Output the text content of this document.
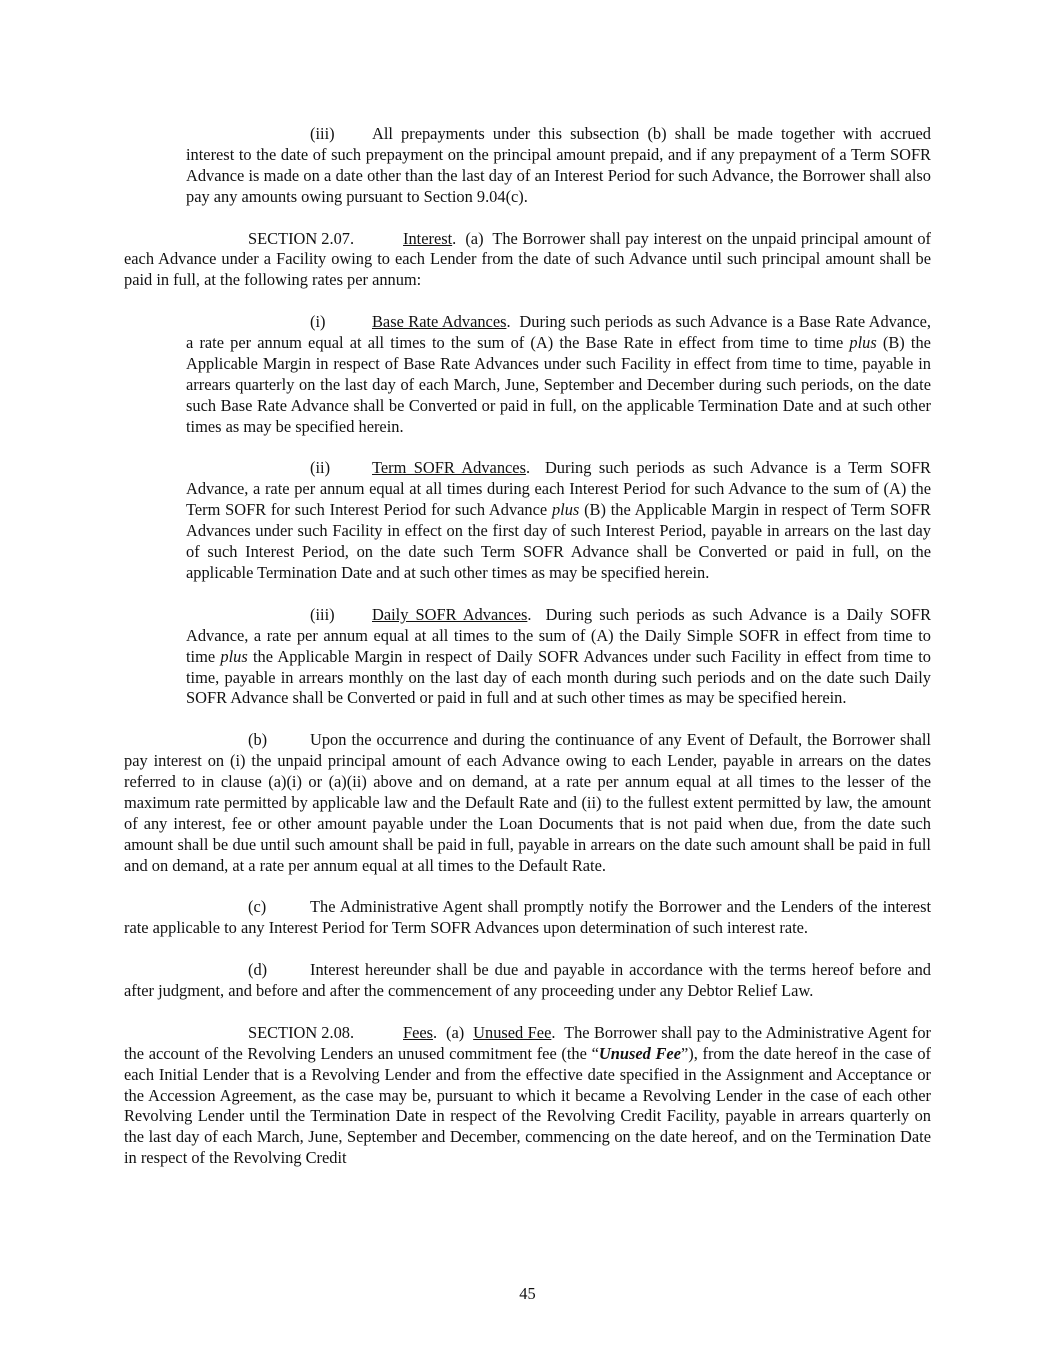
(iii) All prepayments under this subsection (b) shall be made together with accrued interest to the date of such prepayment on the principal amount prepaid, and if any prepayment of a Term SOFR Advance is made on a date other than the last day of an Interest Period for such Advance, the Borrower shall also pay any amounts owing pursuant to Section 9.04(c).

SECTION 2.07.	Interest.  (a) The Borrower shall pay interest on the unpaid principal amount of each Advance under a Facility owing to each Lender from the date of such Advance until such principal amount shall be paid in full, at the following rates per annum:

(i)	Base Rate Advances.  During such periods as such Advance is a Base Rate Advance, a rate per annum equal at all times to the sum of (A) the Base Rate in effect from time to time plus (B) the Applicable Margin in respect of Base Rate Advances under such Facility in effect from time to time, payable in arrears quarterly on the last day of each March, June, September and December during such periods, on the date such Base Rate Advance shall be Converted or paid in full, on the applicable Termination Date and at such other times as may be specified herein.

(ii)	Term SOFR Advances.  During such periods as such Advance is a Term SOFR Advance, a rate per annum equal at all times during each Interest Period for such Advance to the sum of (A) the Term SOFR for such Interest Period for such Advance plus (B) the Applicable Margin in respect of Term SOFR Advances under such Facility in effect on the first day of such Interest Period, payable in arrears on the last day of such Interest Period, on the date such Term SOFR Advance shall be Converted or paid in full, on the applicable Termination Date and at such other times as may be specified herein.

(iii) Daily SOFR Advances.  During such periods as such Advance is a Daily SOFR Advance, a rate per annum equal at all times to the sum of (A) the Daily Simple SOFR in effect from time to time plus the Applicable Margin in respect of Daily SOFR Advances under such Facility in effect from time to time, payable in arrears monthly on the last day of each month during such periods and on the date such Daily SOFR Advance shall be Converted or paid in full and at such other times as may be specified herein.

(b)	Upon the occurrence and during the continuance of any Event of Default, the Borrower shall pay interest on (i) the unpaid principal amount of each Advance owing to each Lender, payable in arrears on the dates referred to in clause (a)(i) or (a)(ii) above and on demand, at a rate per annum equal at all times to the lesser of the maximum rate permitted by applicable law and the Default Rate and (ii) to the fullest extent permitted by law, the amount of any interest, fee or other amount payable under the Loan Documents that is not paid when due, from the date such amount shall be due until such amount shall be paid in full, payable in arrears on the date such amount shall be paid in full and on demand, at a rate per annum equal at all times to the Default Rate.

(c)	The Administrative Agent shall promptly notify the Borrower and the Lenders of the interest rate applicable to any Interest Period for Term SOFR Advances upon determination of such interest rate.

(d)	Interest hereunder shall be due and payable in accordance with the terms hereof before and after judgment, and before and after the commencement of any proceeding under any Debtor Relief Law.

SECTION 2.08.	Fees.  (a) Unused Fee.  The Borrower shall pay to the Administrative Agent for the account of the Revolving Lenders an unused commitment fee (the “Unused Fee”), from the date hereof in the case of each Initial Lender that is a Revolving Lender and from the effective date specified in the Assignment and Acceptance or the Accession Agreement, as the case may be, pursuant to which it became a Revolving Lender in the case of each other Revolving Lender until the Termination Date in respect of the Revolving Credit Facility, payable in arrears quarterly on the last day of each March, June, September and December, commencing on the date hereof, and on the Termination Date in respect of the Revolving Credit

45
